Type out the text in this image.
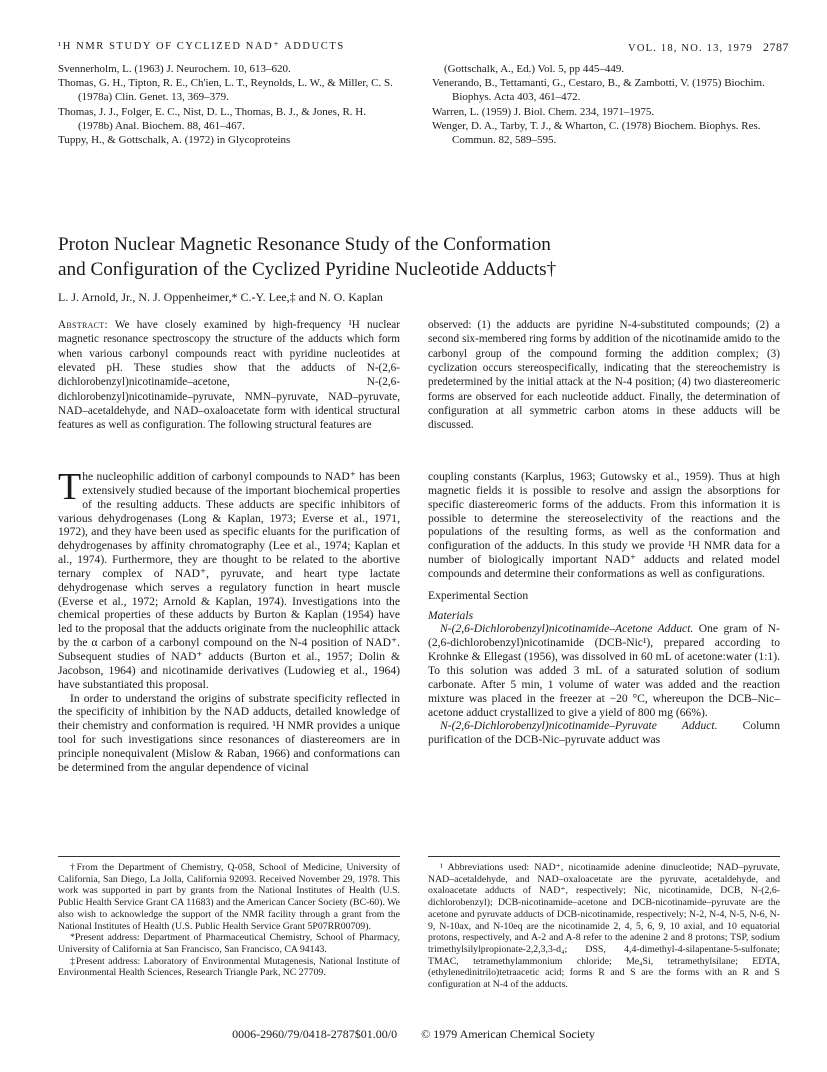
¹H NMR STUDY OF CYCLIZED NAD⁺ ADDUCTS	VOL. 18, NO. 13, 1979 2787

Svennerholm, L. (1963) J. Neurochem. 10, 613–620.

Thomas, G. H., Tipton, R. E., Ch'ien, L. T., Reynolds, L. W., & Miller, C. S. (1978a) Clin. Genet. 13, 369–379.

Thomas, J. J., Folger, E. C., Nist, D. L., Thomas, B. J., & Jones, R. H. (1978b) Anal. Biochem. 88, 461–467.

Tuppy, H., & Gottschalk, A. (1972) in Glycoproteins

(Gottschalk, A., Ed.) Vol. 5, pp 445–449.

Venerando, B., Tettamanti, G., Cestaro, B., & Zambotti, V. (1975) Biochim. Biophys. Acta 403, 461–472.

Warren, L. (1959) J. Biol. Chem. 234, 1971–1975.

Wenger, D. A., Tarby, T. J., & Wharton, C. (1978) Biochem. Biophys. Res. Commun. 82, 589–595.

Proton Nuclear Magnetic Resonance Study of the Conformation
and Configuration of the Cyclized Pyridine Nucleotide Adducts†
L. J. Arnold, Jr., N. J. Oppenheimer,* C.-Y. Lee,‡ and N. O. Kaplan

Abstract: We have closely examined by high-frequency ¹H nuclear magnetic resonance spectroscopy the structure of the adducts which form when various carbonyl compounds react with pyridine nucleotides at elevated pH. These studies show that the adducts of N-(2,6-dichlorobenzyl)nicotinamide–acetone, N-(2,6-dichlorobenzyl)nicotinamide–pyruvate, NMN–pyruvate, NAD–pyruvate, NAD–acetaldehyde, and NAD–oxaloacetate form with identical structural features as well as configuration. The following structural features are

observed: (1) the adducts are pyridine N-4-substituted compounds; (2) a second six-membered ring forms by addition of the nicotinamide amido to the carbonyl group of the compound forming the addition complex; (3) cyclization occurs stereospecifically, indicating that the stereochemistry is predetermined by the initial attack at the N-4 position; (4) two diastereomeric forms are observed for each nucleotide adduct. Finally, the determination of configuration at all symmetric carbon atoms in these adducts will be discussed.

The nucleophilic addition of carbonyl compounds to NAD⁺ has been extensively studied because of the important biochemical properties of the resulting adducts. These adducts are specific inhibitors of various dehydrogenases (Long & Kaplan, 1973; Everse et al., 1971, 1972), and they have been used as specific eluants for the purification of dehydrogenases by affinity chromatography (Lee et al., 1974; Kaplan et al., 1974). Furthermore, they are thought to be related to the abortive ternary complex of NAD⁺, pyruvate, and heart type lactate dehydrogenase which serves a regulatory function in heart muscle (Everse et al., 1972; Arnold & Kaplan, 1974). Investigations into the chemical properties of these adducts by Burton & Kaplan (1954) have led to the proposal that the adducts originate from the nucleophilic attack by the α carbon of a carbonyl compound on the N-4 position of NAD⁺. Subsequent studies of NAD⁺ adducts (Burton et al., 1957; Dolin & Jacobson, 1964) and nicotinamide derivatives (Ludowieg et al., 1964) have substantiated this proposal.

In order to understand the origins of substrate specificity reflected in the specificity of inhibition by the NAD adducts, detailed knowledge of their chemistry and conformation is required. ¹H NMR provides a unique tool for such investigations since resonances of diastereomers are in principle nonequivalent (Mislow & Raban, 1966) and conformations can be determined from the angular dependence of vicinal

coupling constants (Karplus, 1963; Gutowsky et al., 1959). Thus at high magnetic fields it is possible to resolve and assign the absorptions for specific diastereomeric forms of the adducts. From this information it is possible to determine the stereoselectivity of the reactions and the populations of the resulting forms, as well as the conformation and configuration of the adducts. In this study we provide ¹H NMR data for a number of biologically important NAD⁺ adducts and related model compounds and determine their conformations as well as configurations.

Experimental Section

Materials

N-(2,6-Dichlorobenzyl)nicotinamide–Acetone Adduct. One gram of N-(2,6-dichlorobenzyl)nicotinamide (DCB-Nic¹), prepared according to Krohnke & Ellegast (1956), was dissolved in 60 mL of acetone:water (1:1). To this solution was added 3 mL of a saturated solution of sodium carbonate. After 5 min, 1 volume of water was added and the reaction mixture was placed in the freezer at −20 °C, whereupon the DCB–Nic–acetone adduct crystallized to give a yield of 800 mg (66%).

N-(2,6-Dichlorobenzyl)nicotinamide–Pyruvate Adduct. Column purification of the DCB-Nic–pyruvate adduct was

†From the Department of Chemistry, Q-058, School of Medicine, University of California, San Diego, La Jolla, California 92093. Received November 29, 1978. This work was supported in part by grants from the National Institutes of Health (U.S. Public Health Service Grant CA 11683) and the American Cancer Society (BC-60). We also wish to acknowledge the support of the NMR facility through a grant from the National Institutes of Health (U.S. Public Health Service Grant 5P07RR00709).

*Present address: Department of Pharmaceutical Chemistry, School of Pharmacy, University of California at San Francisco, San Francisco, CA 94143.

‡Present address: Laboratory of Environmental Mutagenesis, National Institute of Environmental Health Sciences, Research Triangle Park, NC 27709.

¹ Abbreviations used: NAD⁺, nicotinamide adenine dinucleotide; NAD–pyruvate, NAD–acetaldehyde, and NAD–oxaloacetate are the pyruvate, acetaldehyde, and oxaloacetate adducts of NAD⁺, respectively; Nic, nicotinamide, DCB, N-(2,6-dichlorobenzyl); DCB-nicotinamide–acetone and DCB-nicotinamide–pyruvate are the acetone and pyruvate adducts of DCB-nicotinamide, respectively; N-2, N-4, N-5, N-6, N-9, N-10ax, and N-10eq are the nicotinamide 2, 4, 5, 6, 9, 10 axial, and 10 equatorial protons, respectively, and A-2 and A-8 refer to the adenine 2 and 8 protons; TSP, sodium trimethylsilylpropionate-2,2,3,3-d₄; DSS, 4,4-dimethyl-4-silapentane-5-sulfonate; TMAC, tetramethylammonium chloride; Me₄Si, tetramethylsilane; EDTA, (ethylenedinitrilo)tetraacetic acid; forms R and S are the forms with an R and S configuration at N-4 of the adducts.

0006-2960/79/0418-2787$01.00/0 © 1979 American Chemical Society
